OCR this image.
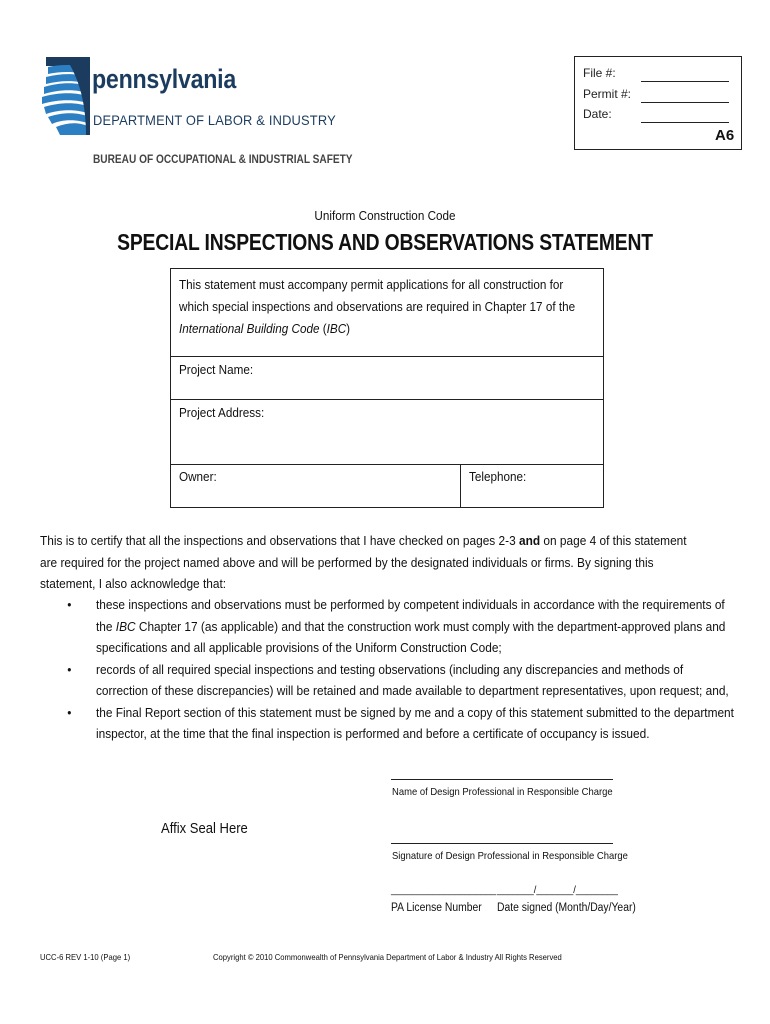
pennsylvania
DEPARTMENT OF LABOR & INDUSTRY
BUREAU OF OCCUPATIONAL & INDUSTRIAL SAFETY
File #:
Permit #:
Date:
A6
Uniform Construction Code
SPECIAL INSPECTIONS AND OBSERVATIONS STATEMENT
This statement must accompany permit applications for all construction for which special inspections and observations are required in Chapter 17 of the International Building Code (IBC)
Project Name:
Project Address:
Owner:	Telephone:
This is to certify that all the inspections and observations that I have checked on pages 2-3 and on page 4 of this statement are required for the project named above and will be performed by the designated individuals or firms. By signing this statement, I also acknowledge that:

• these inspections and observations must be performed by competent individuals in accordance with the requirements of the IBC Chapter 17 (as applicable) and that the construction work must comply with the department-approved plans and specifications and all applicable provisions of the Uniform Construction Code;

• records of all required special inspections and testing observations (including any discrepancies and methods of correction of these discrepancies) will be retained and made available to department representatives, upon request; and,

• the Final Report section of this statement must be signed by me and a copy of this statement submitted to the department inspector, at the time that the final inspection is performed and before a certificate of occupancy is issued.

Name of Design Professional in Responsible Charge
Affix Seal Here
Signature of Design Professional in Responsible Charge
____________________ _______/_______/________
PA License Number Date signed (Month/Day/Year)
UCC-6 REV 1-10 (Page 1)	Copyright © 2010 Commonwealth of Pennsylvania Department of Labor & Industry All Rights Reserved
